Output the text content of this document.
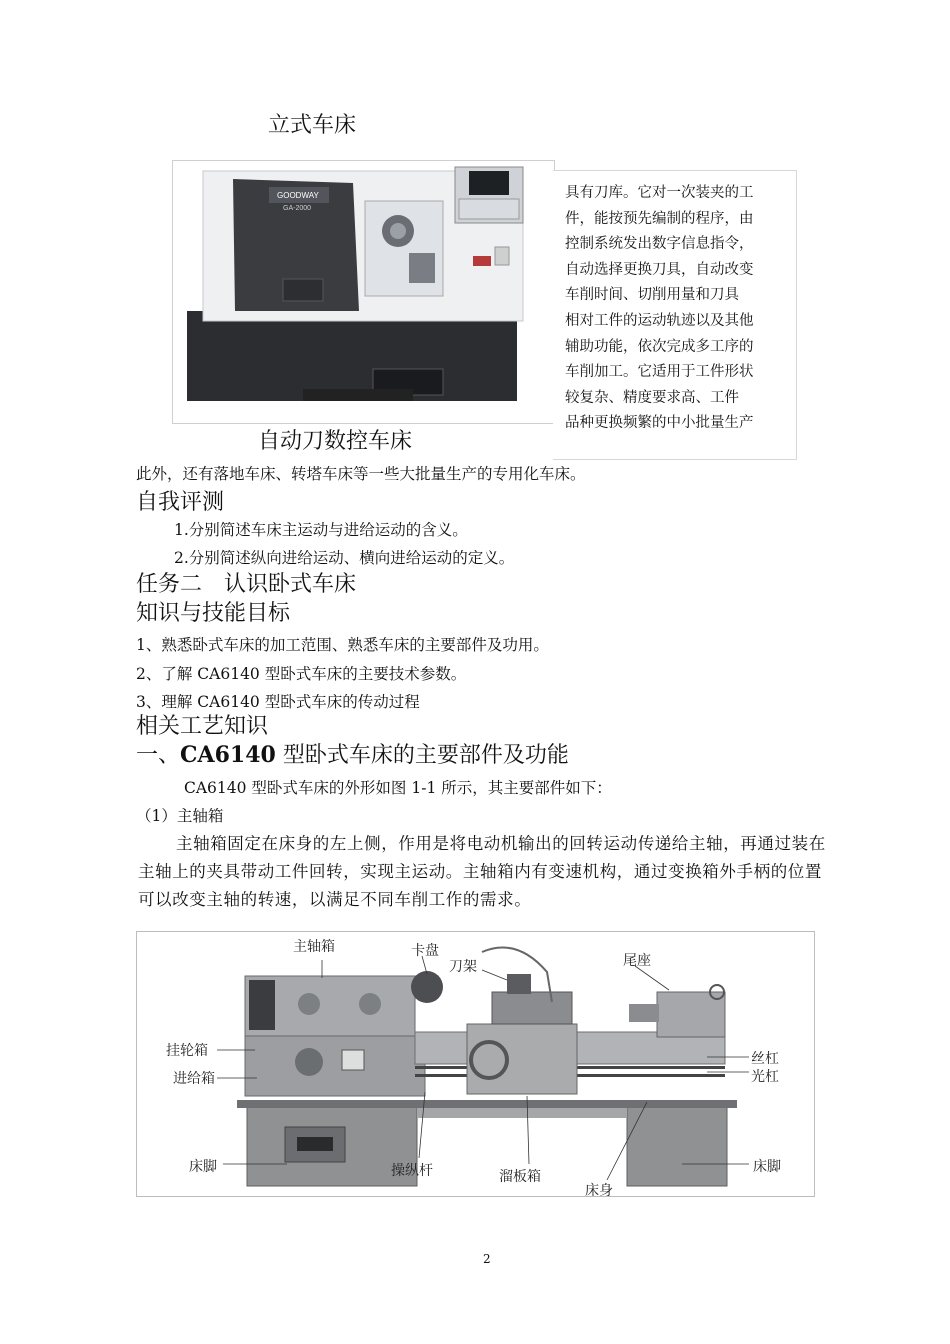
立式车床
GOODWAY
GA-2000
具有刀库。它对一次装夹的工
件，能按预先编制的程序，由
控制系统发出数字信息指令，
自动选择更换刀具，自动改变
车削时间、切削用量和刀具
相对工件的运动轨迹以及其他
辅助功能，依次完成多工序的
车削加工。它适用于工件形状
较复杂、精度要求高、工件
品种更换频繁的中小批量生产
自动刀数控车床
此外，还有落地车床、转塔车床等一些大批量生产的专用化车床。
自我评测
1.分别简述车床主运动与进给运动的含义。
2.分别简述纵向进给运动、横向进给运动的定义。
任务二　认识卧式车床
知识与技能目标
1、熟悉卧式车床的加工范围、熟悉车床的主要部件及功用。
2、了解 CA6140 型卧式车床的主要技术参数。
3、理解 CA6140 型卧式车床的传动过程
相关工艺知识
一、CA6140 型卧式车床的主要部件及功能
CA6140 型卧式车床的外形如图 1-1 所示，其主要部件如下：
（1）主轴箱
主轴箱固定在床身的左上侧，作用是将电动机输出的回转运动传递给主轴，再通过装在主轴上的夹具带动工件回转，实现主运动。主轴箱内有变速机构，通过变换箱外手柄的位置可以改变主轴的转速，以满足不同车削工作的需求。
主轴箱	卡盘
刀架	尾座
挂轮箱
进给箱
丝杠
光杠
床脚	操纵杆	溜板箱
床身
床脚
2
